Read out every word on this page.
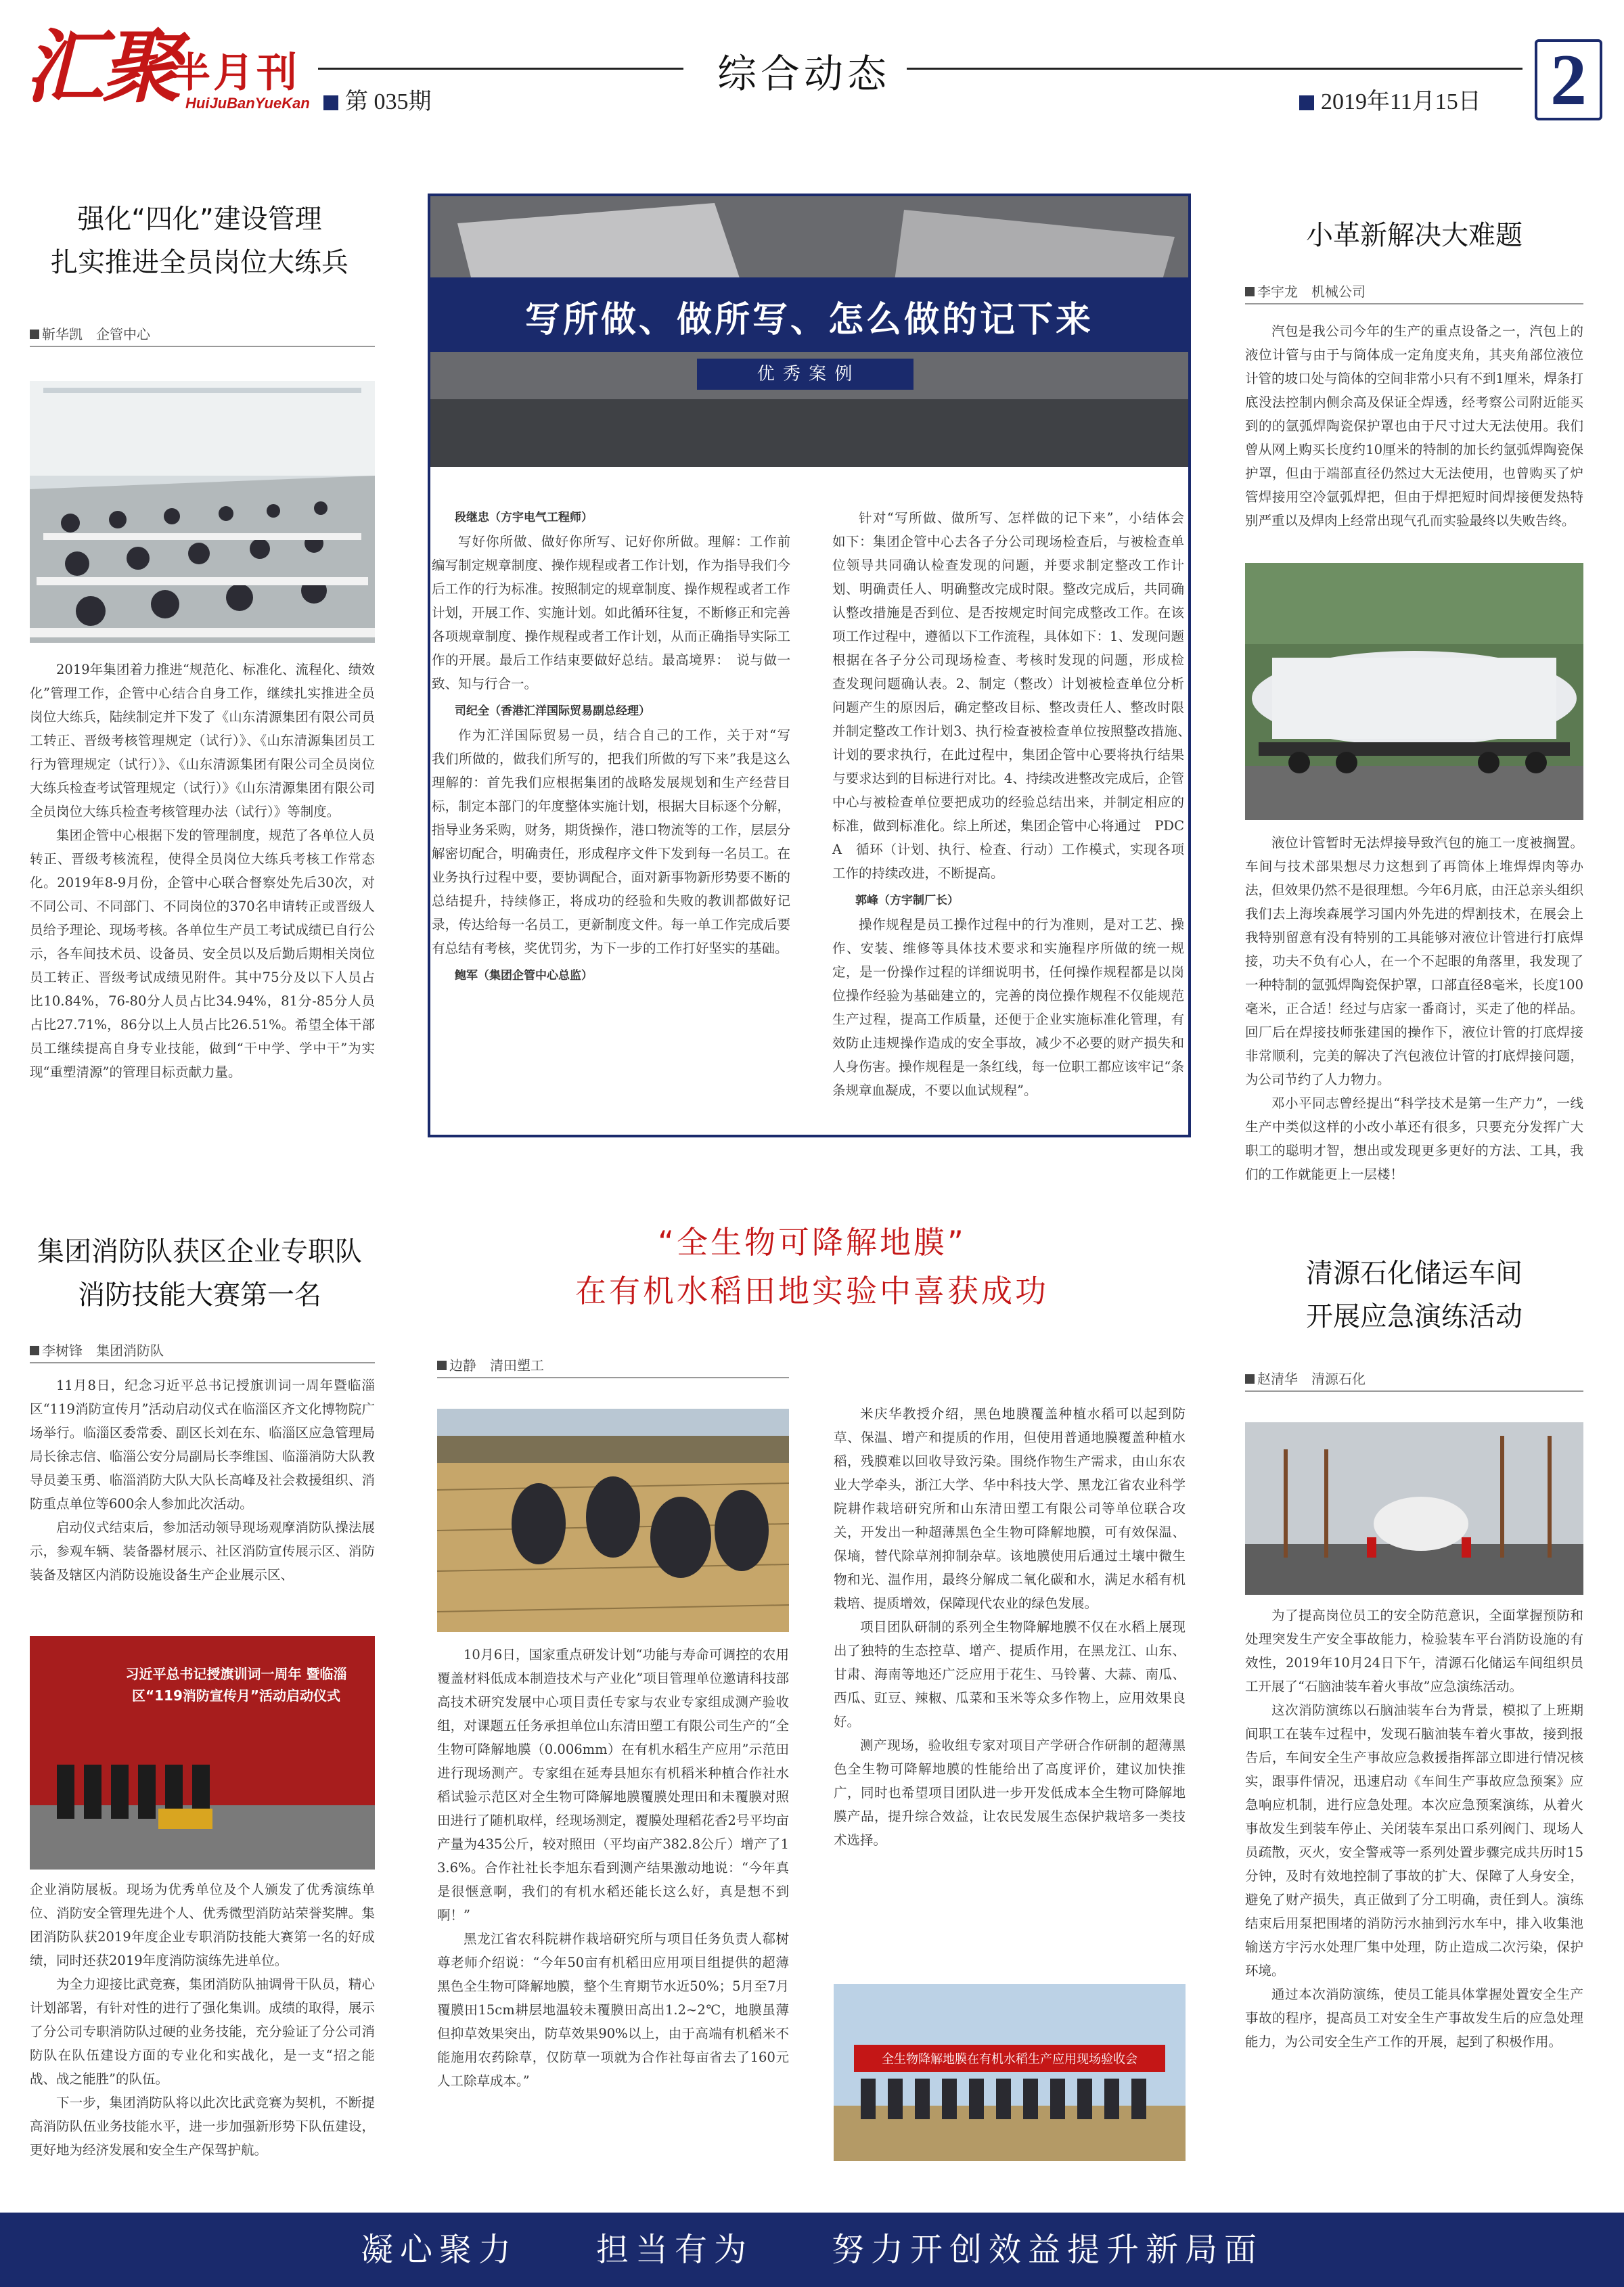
汇聚
半月刊
HuiJuBanYueKan	第 035期
综合动态
2019年11月15日 2
强化“四化”建设管理
扎实推进全员岗位大练兵
靳华凯　企管中心

2019年集团着力推进“规范化、标准化、流程化、绩效化”管理工作，企管中心结合自身工作，继续扎实推进全员岗位大练兵，陆续制定并下发了《山东清源集团有限公司员工转正、晋级考核管理规定（试行）》、《山东清源集团员工行为管理规定（试行）》、《山东清源集团有限公司全员岗位大练兵检查考试管理规定（试行）》《山东清源集团有限公司全员岗位大练兵检查考核管理办法（试行）》等制度。

集团企管中心根据下发的管理制度，规范了各单位人员转正、晋级考核流程，使得全员岗位大练兵考核工作常态化。2019年8-9月份，企管中心联合督察处先后30次，对不同公司、不同部门、不同岗位的370名申请转正或晋级人员给予理论、现场考核。各单位生产员工考试成绩已自行公示，各车间技术员、设备员、安全员以及后勤后期相关岗位员工转正、晋级考试成绩见附件。其中75分及以下人员占比10.84%，76-80分人员占比34.94%，81分-85分人员占比27.71%，86分以上人员占比26.51%。希望全体干部员工继续提高自身专业技能，做到“干中学、学中干”为实现“重塑清源”的管理目标贡献力量。

写所做、做所写、怎么做的记下来
优 秀 案 例

段继忠（方宇电气工程师）

写好你所做、做好你所写、记好你所做。理解：工作前　编写制定规章制度、操作规程或者工作计划，作为指导我们今后工作的行为标准。按照制定的规章制度、操作规程或者工作计划，开展工作、实施计划。如此循环往复，不断修正和完善各项规章制度、操作规程或者工作计划，从而正确指导实际工作的开展。最后工作结束要做好总结。最高境界：　说与做一致、知与行合一。

司纪全（香港汇洋国际贸易副总经理）

作为汇洋国际贸易一员，结合自己的工作，关于对“写　我们所做的，做我们所写的，把我们所做的写下来”我是这么理解的：首先我们应根据集团的战略发展规划和生产经营目标，制定本部门的年度整体实施计划，根据大目标逐个分解，指导业务采购，财务，期货操作，港口物流等的工作，层层分解密切配合，明确责任，形成程序文件下发到每一名员工。在业务执行过程中要，要协调配合，面对新事物新形势要不断的总结提升，持续修正，将成功的经验和失败的教训都做好记录，传达给每一名员工，更新制度文件。每一单工作完成后要有总结有考核，奖优罚劣，为下一步的工作打好坚实的基础。

鲍军（集团企管中心总监）

针对“写所做、做所写、怎样做的记下来”，小结体会　如下：集团企管中心去各子分公司现场检查后，与被检查单位领导共同确认检查发现的问题，并要求制定整改工作计划、明确责任人、明确整改完成时限。整改完成后，共同确认整改措施是否到位、是否按规定时间完成整改工作。在该项工作过程中，遵循以下工作流程，具体如下：1、发现问题根据在各子分公司现场检查、考核时发现的问题，形成检　查发现问题确认表。2、制定（整改）计划被检查单位分析　问题产生的原因后，确定整改目标、整改责任人、整改时限并制定整改工作计划3、执行检查被检查单位按照整改措施、　计划的要求执行，在此过程中，集团企管中心要将执行结果与要求达到的目标进行对比。4、持续改进整改完成后，企管中心与被检查单位要把成功的经验总结出来，并制定相应的标准，做到标准化。综上所述，集团企管中心将通过　PDCA　循环（计划、执行、检查、行动）工作模式，实现各项工作的持续改进，不断提高。

郭峰（方宇制厂长）

操作规程是员工操作过程中的行为准则，是对工艺、操作、安装、维修等具体技术要求和实施程序所做的统一规定，是一份操作过程的详细说明书，任何操作规程都是以岗位操作经验为基础建立的，完善的岗位操作规程不仅能规范生产过程，提高工作质量，还便于企业实施标准化管理，有效防止违规操作造成的安全事故，减少不必要的财产损失和人身伤害。操作规程是一条红线，每一位职工都应该牢记“条条规章血凝成，不要以血试规程”。

小革新解决大难题
李宇龙　机械公司

汽包是我公司今年的生产的重点设备之一，汽包上的液位计管与由于与筒体成一定角度夹角，其夹角部位液位计管的坡口处与筒体的空间非常小只有不到1厘米，焊条打底没法控制内侧余高及保证全焊透，经考察公司附近能买到的的氩弧焊陶瓷保护罩也由于尺寸过大无法使用。我们曾从网上购买长度约10厘米的特制的加长约氩弧焊陶瓷保护罩，但由于端部直径仍然过大无法使用，也曾购买了炉管焊接用空冷氩弧焊把，但由于焊把短时间焊接便发热特别严重以及焊肉上经常出现气孔而实验最终以失败告终。

液位计管暂时无法焊接导致汽包的施工一度被搁置。车间与技术部果想尽力这想到了再筒体上堆焊焊肉等办法，但效果仍然不是很理想。今年6月底，由汪总亲头组织我们去上海埃森展学习国内外先进的焊割技术，在展会上我特别留意有没有特别的工具能够对液位计管进行打底焊接，功夫不负有心人，在一个不起眼的角落里，我发现了一种特制的氩弧焊陶瓷保护罩，口部直径8毫米，长度100毫米，正合适！经过与店家一番商讨，买走了他的样品。回厂后在焊接技师张建国的操作下，液位计管的打底焊接非常顺利，完美的解决了汽包液位计管的打底焊接问题，为公司节约了人力物力。

邓小平同志曾经提出“科学技术是第一生产力”，一线生产中类似这样的小改小革还有很多，只要充分发挥广大职工的聪明才智，想出或发现更多更好的方法、工具，我们的工作就能更上一层楼！

集团消防队获区企业专职队
消防技能大赛第一名
李树锋　集团消防队

11月8日，纪念习近平总书记授旗训词一周年暨临淄区“119消防宣传月”活动启动仪式在临淄区齐文化博物院广场举行。临淄区委常委、副区长刘在东、临淄区应急管理局局长徐志信、临淄公安分局副局长李维国、临淄消防大队教导员姜玉勇、临淄消防大队大队长高峰及社会救援组织、消防重点单位等600余人参加此次活动。

启动仪式结束后，参加活动领导现场观摩消防队操法展示，参观车辆、装备器材展示、社区消防宣传展示区、消防装备及辖区内消防设施设备生产企业展示区、

习近平总书记授旗训词一周年 暨临淄区“119消防宣传月”活动启动仪式

企业消防展板。现场为优秀单位及个人颁发了优秀演练单位、消防安全管理先进个人、优秀微型消防站荣誉奖牌。集团消防队获2019年度企业专职消防技能大赛第一名的好成绩，同时还获2019年度消防演练先进单位。

为全力迎接比武竞赛，集团消防队抽调骨干队员，精心计划部署，有针对性的进行了强化集训。成绩的取得，展示了分公司专职消防队过硬的业务技能，充分验证了分公司消防队在队伍建设方面的专业化和实战化，是一支“招之能战、战之能胜”的队伍。

下一步，集团消防队将以此次比武竞赛为契机，不断提高消防队伍业务技能水平，进一步加强新形势下队伍建设，更好地为经济发展和安全生产保驾护航。

“全生物可降解地膜”
在有机水稻田地实验中喜获成功
边静　清田塑工

10月6日，国家重点研发计划“功能与寿命可调控的农用覆盖材料低成本制造技术与产业化”项目管理单位邀请科技部高技术研究发展中心项目责任专家与农业专家组成测产验收组，对课题五任务承担单位山东清田塑工有限公司生产的“全生物可降解地膜（0.006mm）在有机水稻生产应用”示范田进行现场测产。专家组在延寿县旭东有机稻米种植合作社水稻试验示范区对全生物可降解地膜覆膜处理田和未覆膜对照田进行了随机取样，经现场测定，覆膜处理稻花香2号平均亩产量为435公斤，较对照田（平均亩产382.8公斤）增产了13.6%。合作社社长李旭东看到测产结果激动地说：“今年真是很惬意啊，我们的有机水稻还能长这么好，真是想不到啊！”

黑龙江省农科院耕作栽培研究所与项目任务负责人郗树尊老师介绍说：“今年50亩有机稻田应用项目组提供的超薄黑色全生物可降解地膜，整个生育期节水近50%；5月至7月覆膜田15cm耕层地温较未覆膜田高出1.2~2℃，地膜虽薄但抑草效果突出，防草效果90%以上，由于高端有机稻米不能施用农药除草，仅防草一项就为合作社每亩省去了160元人工除草成本。”

米庆华教授介绍，黑色地膜覆盖种植水稻可以起到防草、保温、增产和提质的作用，但使用普通地膜覆盖种植水稻，残膜难以回收导致污染。围绕作物生产需求，由山东农业大学牵头，浙江大学、华中科技大学、黑龙江省农业科学院耕作栽培研究所和山东清田塑工有限公司等单位联合攻关，开发出一种超薄黑色全生物可降解地膜，可有效保温、保墒，替代除草剂抑制杂草。该地膜使用后通过土壤中微生物和光、温作用，最终分解成二氧化碳和水，满足水稻有机栽培、提质增效，保障现代农业的绿色发展。

项目团队研制的系列全生物降解地膜不仅在水稻上展现出了独特的生态控草、增产、提质作用，在黑龙江、山东、甘肃、海南等地还广泛应用于花生、马铃薯、大蒜、南瓜、西瓜、豇豆、辣椒、瓜菜和玉米等众多作物上，应用效果良好。

测产现场，验收组专家对项目产学研合作研制的超薄黑色全生物可降解地膜的性能给出了高度评价，建议加快推广，同时也希望项目团队进一步开发低成本全生物可降解地膜产品，提升综合效益，让农民发展生态保护栽培多一类技术选择。

全生物降解地膜在有机水稻生产应用现场验收会
清源石化储运车间
开展应急演练活动
赵清华　清源石化

为了提高岗位员工的安全防范意识，全面掌握预防和处理突发生产安全事故能力，检验装车平台消防设施的有效性，2019年10月24日下午，清源石化储运车间组织员工开展了“石脑油装车着火事故”应急演练活动。

这次消防演练以石脑油装车台为背景，模拟了上班期间职工在装车过程中，发现石脑油装车着火事故，接到报告后，车间安全生产事故应急救援指挥部立即进行情况核实，跟事件情况，迅速启动《车间生产事故应急预案》应急响应机制，进行应急处理。本次应急预案演练，从着火事故发生到装车停止、关闭装车泵出口系列阀门、现场人员疏散，灭火，安全警戒等一系列处置步骤完成共历时15分钟，及时有效地控制了事故的扩大、保障了人身安全，避免了财产损失，真正做到了分工明确，责任到人。演练结束后用泵把围堵的消防污水抽到污水车中，排入收集池输送方宇污水处理厂集中处理，防止造成二次污染，保护环境。

通过本次消防演练，使员工能具体掌握处置安全生产事故的程序，提高员工对安全生产事故发生后的应急处理能力，为公司安全生产工作的开展，起到了积极作用。

凝心聚力　　担当有为　　努力开创效益提升新局面
